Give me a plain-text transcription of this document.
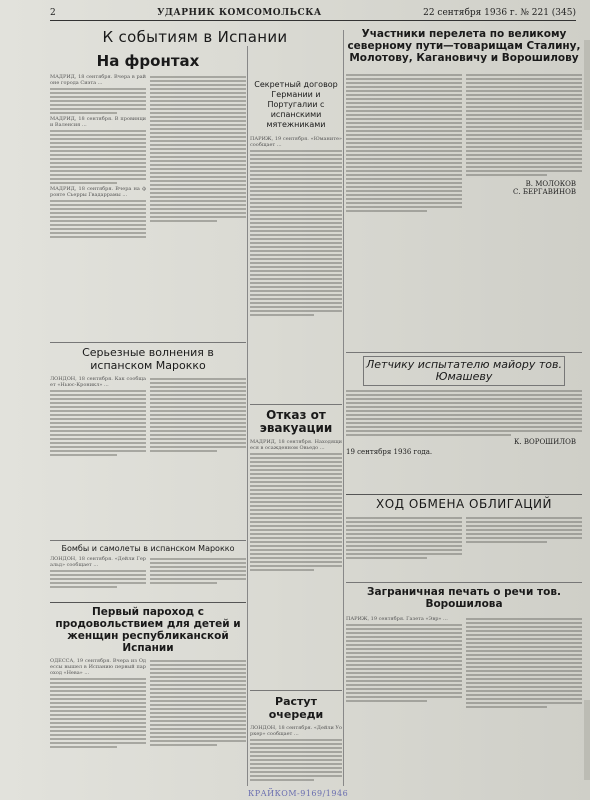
2	УДАРНИК КОМСОМОЛЬСКА	22 сентября 1936 г. № 221 (345)
К событиям в Испании
На фронтах
МАДРИД, 18 сентября. Вчера в районе города Сиэта ...
МАДРИД, 18 сентября. В провинции Валенсия ...
МАДРИД, 18 сентября. Вчера на фронте Сьерры Гвадаррамы ...
Серьезные волнения в испанском Марокко
ЛОНДОН, 18 сентября. Как сообщает «Ньюс-Кроникл» ...
Бомбы и самолеты в испанском Марокко
ЛОНДОН, 18 сентября. «Дейли Геральд» сообщает ...
Первый пароход с продовольствием для детей и женщин республиканской Испании
ОДЕССА, 19 сентября. Вчера из Одессы вышел в Испанию первый пароход «Нева» ...
Секретный договор Германии и Португалии с испанскими мятежниками
ПАРИЖ, 19 сентября. «Юманите» сообщает ...
Отказ от эвакуации
МАДРИД, 18 сентября. Находящиеся в осажденном Овьедо ...
Растут очереди
ЛОНДОН, 18 сентября. «Дейли Уоркер» сообщает ...
Участники перелета по великому северному пути—товарищам Сталину, Молотову, Кагановичу и Ворошилову
В. МОЛОКОВ
С. БЕРГАВИНОВ
Летчику испытателю майору тов. Юмашеву
К. ВОРОШИЛОВ
19 сентября 1936 года.
ХОД ОБМЕНА ОБЛИГАЦИЙ
Заграничная печать о речи тов. Ворошилова
ПАРИЖ, 19 сентября. Газета «Эвр» ...
КРАЙКОМ-9169/1946
